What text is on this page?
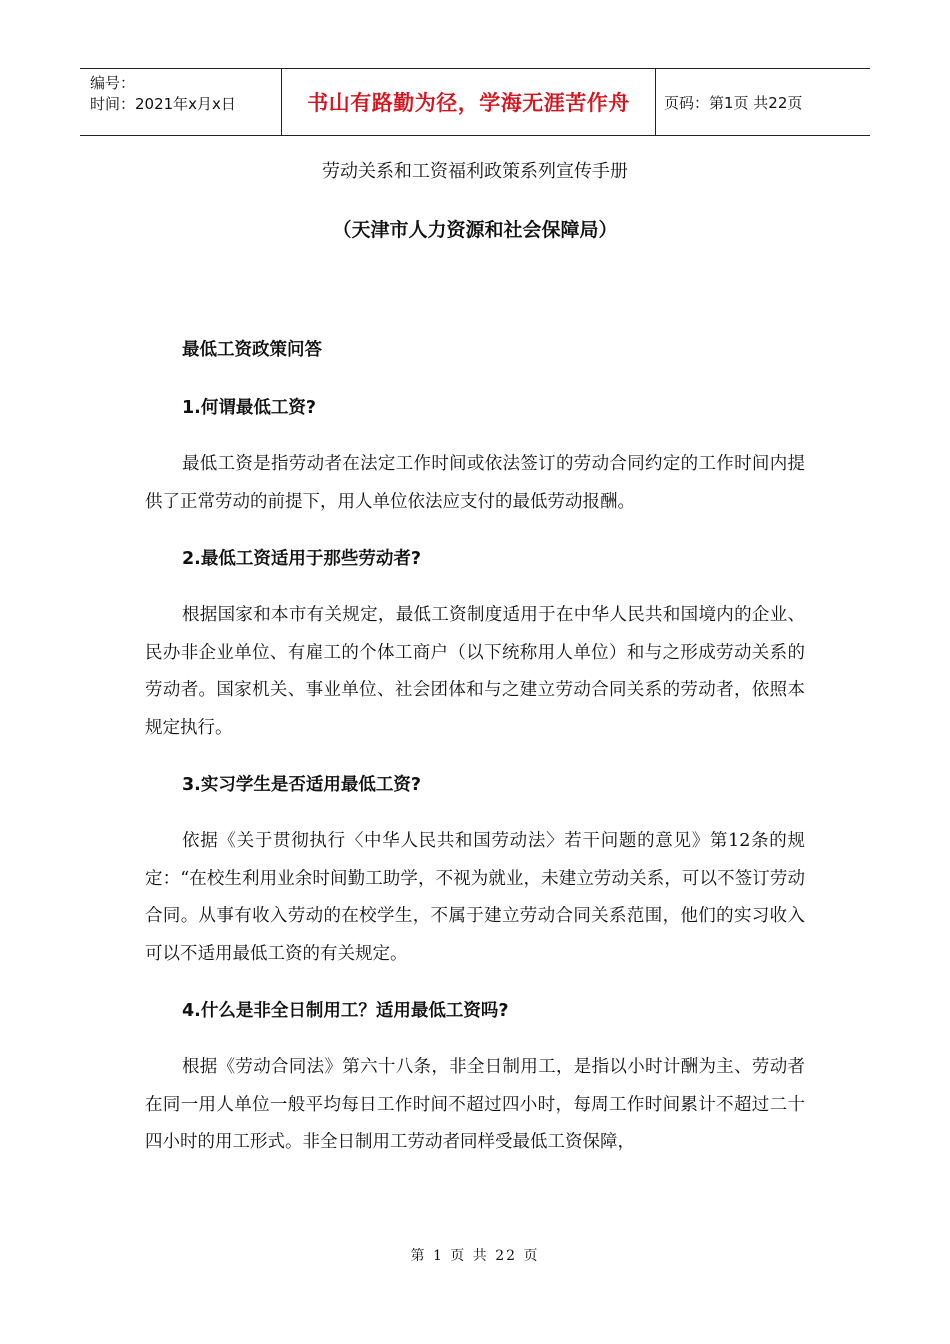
编号：
时间：2021年x月x日	书山有路勤为径，学海无涯苦作舟	页码：第1页 共22页
劳动关系和工资福利政策系列宣传手册
（天津市人力资源和社会保障局）

最低工资政策问答

1.何谓最低工资?

最低工资是指劳动者在法定工作时间或依法签订的劳动合同约定的工作时间内提供了正常劳动的前提下，用人单位依法应支付的最低劳动报酬。

2.最低工资适用于那些劳动者?

根据国家和本市有关规定，最低工资制度适用于在中华人民共和国境内的企业、民办非企业单位、有雇工的个体工商户（以下统称用人单位）和与之形成劳动关系的劳动者。国家机关、事业单位、社会团体和与之建立劳动合同关系的劳动者，依照本规定执行。

3.实习学生是否适用最低工资?

依据《关于贯彻执行〈中华人民共和国劳动法〉若干问题的意见》第12条的规定：“在校生利用业余时间勤工助学，不视为就业，未建立劳动关系，可以不签订劳动合同。从事有收入劳动的在校学生，不属于建立劳动合同关系范围，他们的实习收入可以不适用最低工资的有关规定。

4.什么是非全日制用工？适用最低工资吗?

根据《劳动合同法》第六十八条，非全日制用工，是指以小时计酬为主、劳动者在同一用人单位一般平均每日工作时间不超过四小时，每周工作时间累计不超过二十四小时的用工形式。非全日制用工劳动者同样受最低工资保障，

第 1 页 共 22 页
